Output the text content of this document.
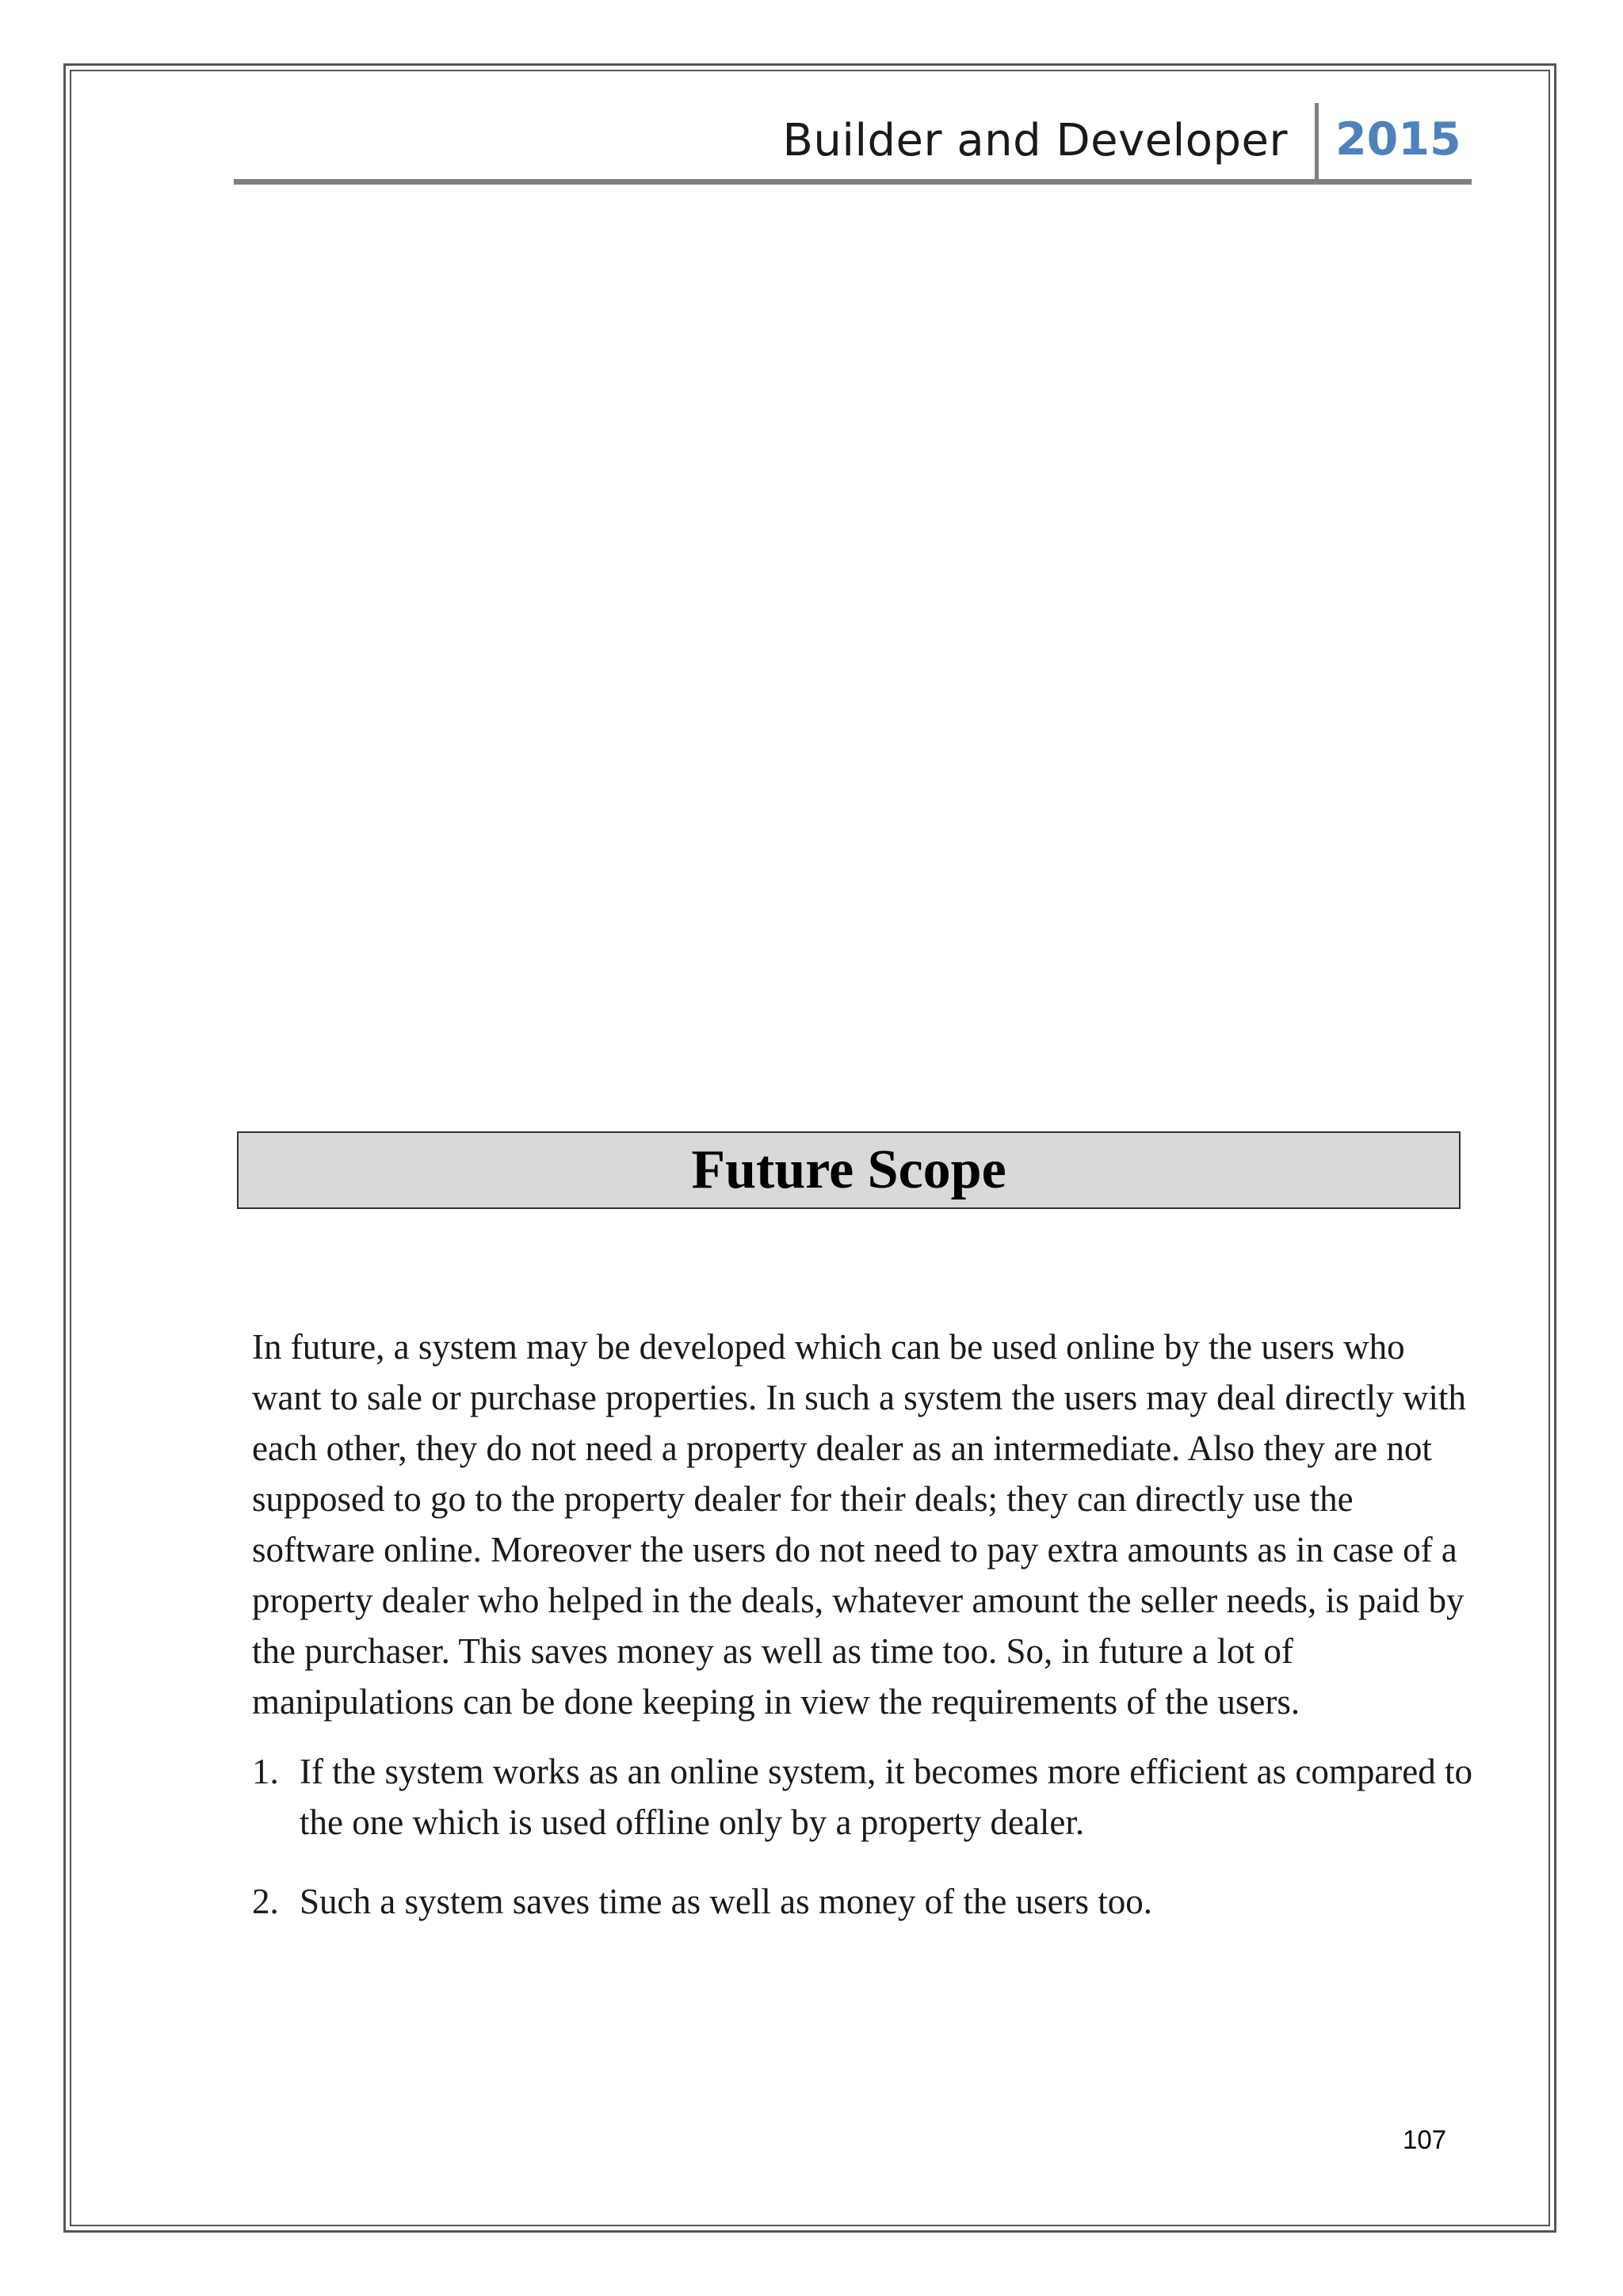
Builder and Developer 2015
Future Scope

In future, a system may be developed which can be used online by the users who want to sale or purchase properties. In such a system the users may deal directly with each other, they do not need a property dealer as an intermediate. Also they are not supposed to go to the property dealer for their deals; they can directly use the software online. Moreover the users do not need to pay extra amounts as in case of a property dealer who helped in the deals, whatever amount the seller needs, is paid by the purchaser. This saves money as well as time too. So, in future a lot of manipulations can be done keeping in view the requirements of the users.

1. If the system works as an online system, it becomes more efficient as compared to the one which is used offline only by a property dealer.
2. Such a system saves time as well as money of the users too.
107
